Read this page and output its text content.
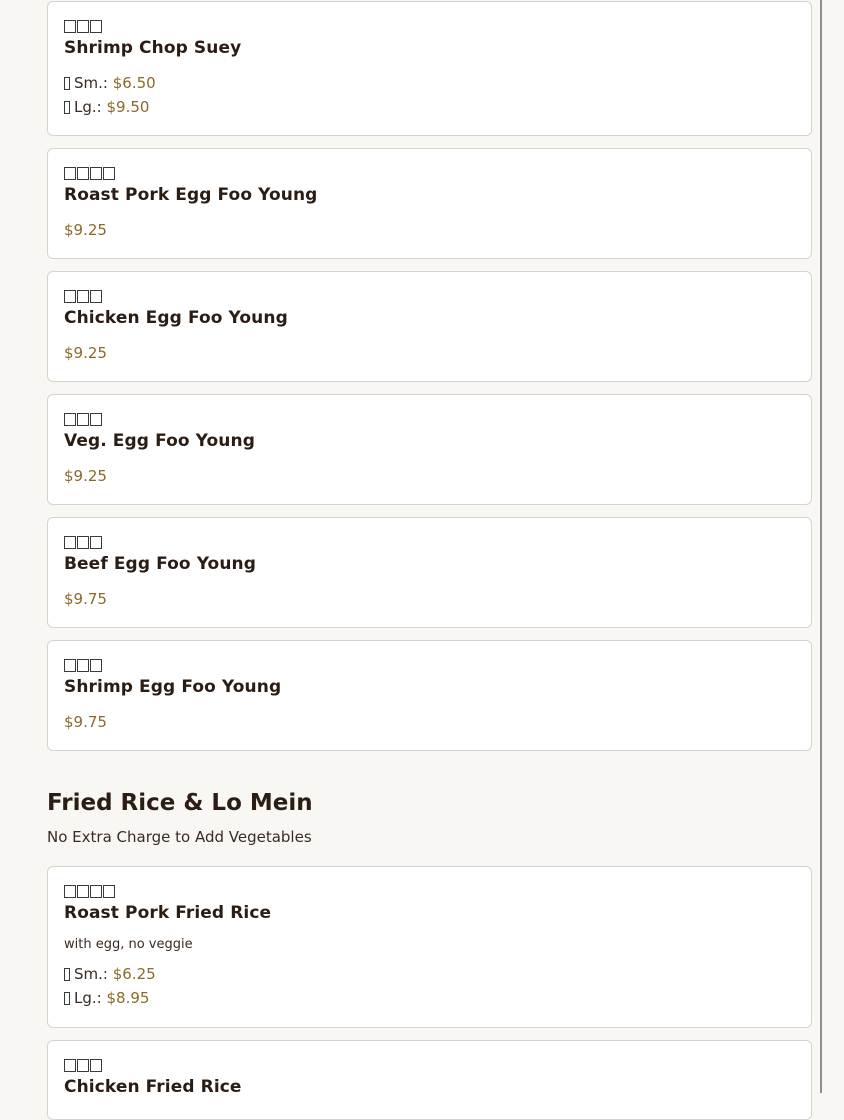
Shrimp Chop Suey
Sm.:
$6.50
Lg.:
$9.50
Roast Pork Egg Foo Young
$9.25
Chicken Egg Foo Young
$9.25
Veg. Egg Foo Young
$9.25
Beef Egg Foo Young
$9.75
Shrimp Egg Foo Young
$9.75
Fried Rice & Lo Mein
No Extra Charge to Add Vegetables
Roast Pork Fried Rice
with egg, no veggie
Sm.:
$6.25
Lg.:
$8.95
Chicken Fried Rice
